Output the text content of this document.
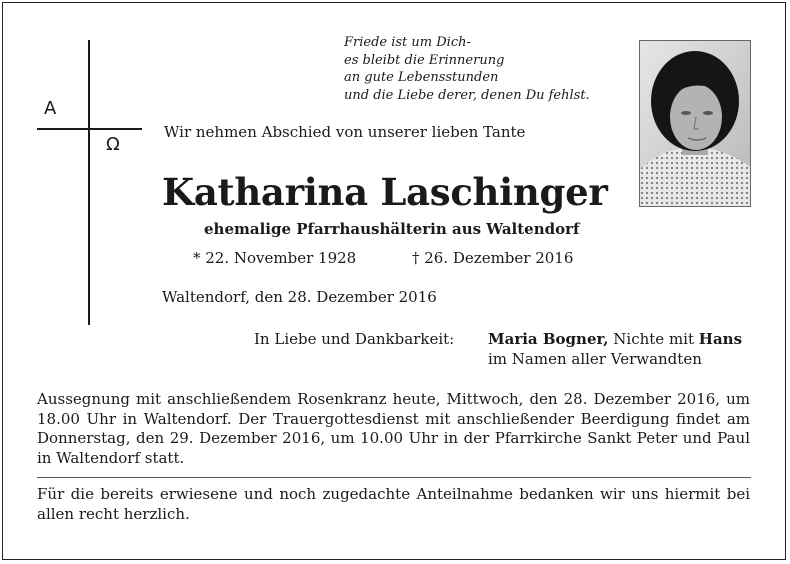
A
Ω
Friede ist um Dich-
es bleibt die Erinnerung
an gute Lebensstunden
und die Liebe derer, denen Du fehlst.
Wir nehmen Abschied von unserer lieben Tante
Katharina Laschinger
ehemalige Pfarrhaushälterin aus Waltendorf
* 22. November 1928	† 26. Dezember 2016
Waltendorf, den 28. Dezember 2016
In Liebe und Dankbarkeit: Maria Bogner, Nichte mit Hans
im Namen aller Verwandten
Aussegnung mit anschließendem Rosenkranz heute, Mittwoch, den 28. Dezember 2016, um 18.00 Uhr in Waltendorf. Der Trauergottesdienst mit anschließender Beerdigung findet am Donnerstag, den 29. Dezember 2016, um 10.00 Uhr in der Pfarrkirche Sankt Peter und Paul in Waltendorf statt.
Für die bereits erwiesene und noch zugedachte Anteilnahme bedanken wir uns hiermit bei allen recht herzlich.
